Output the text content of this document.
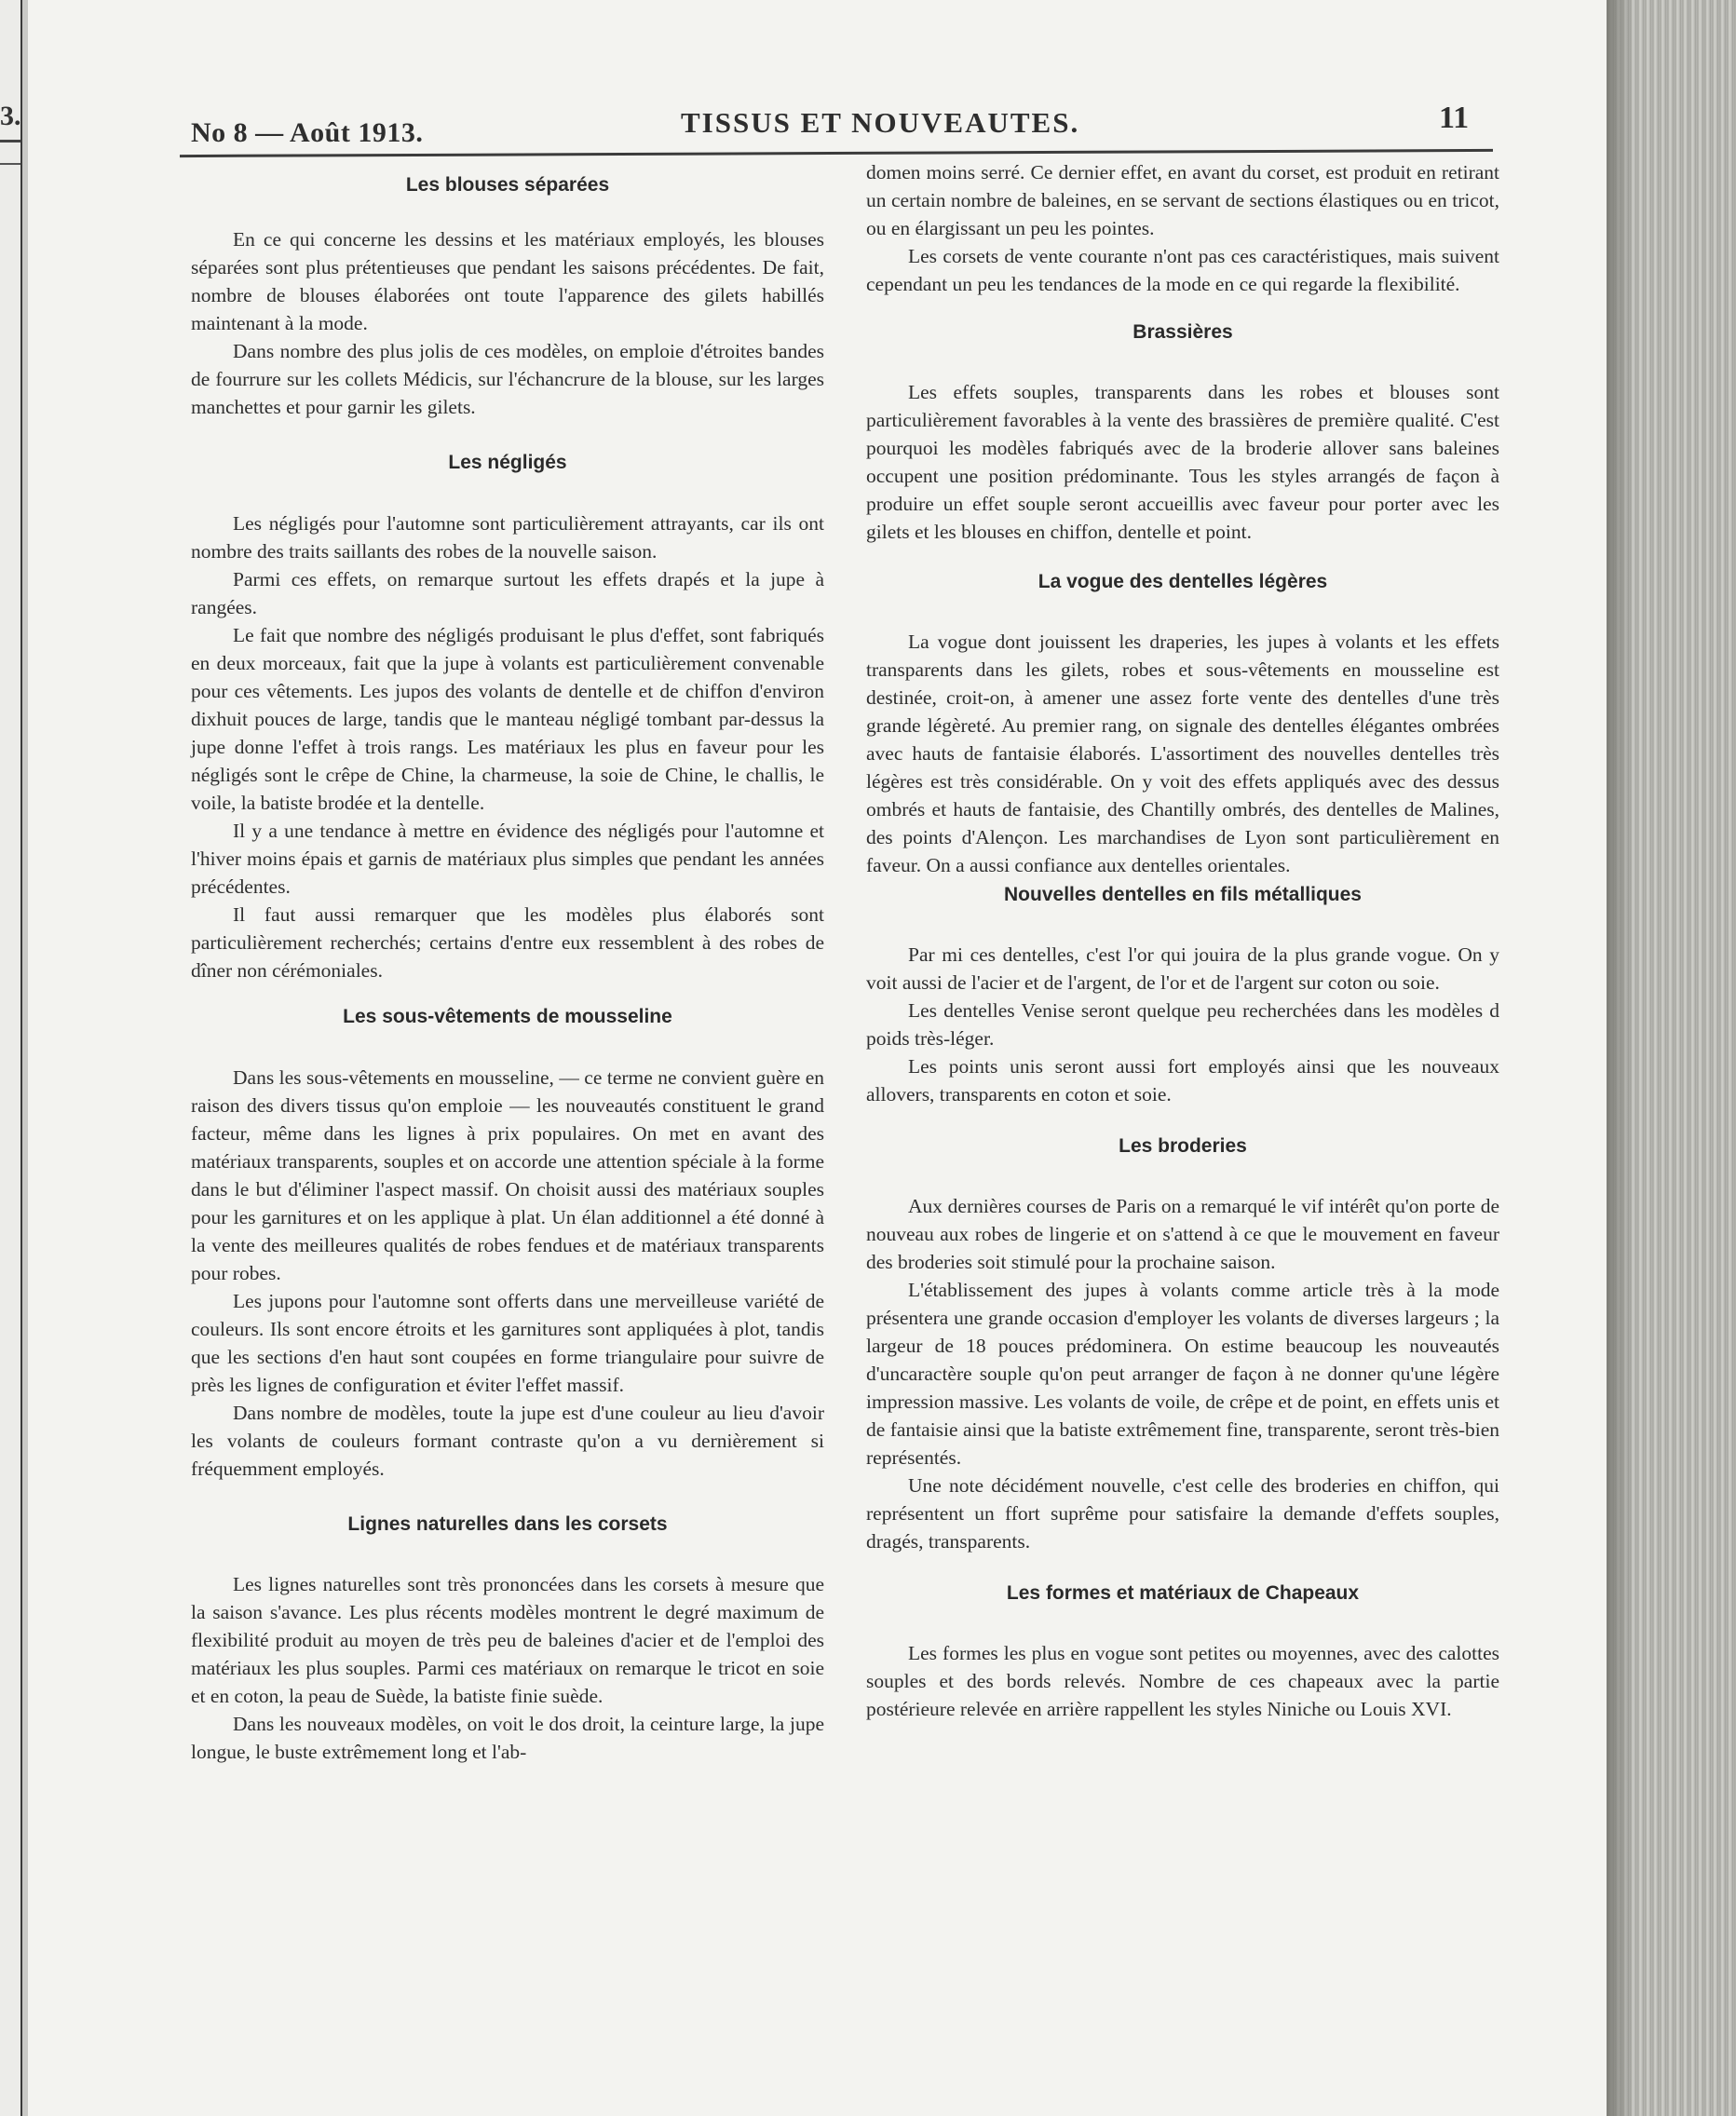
3.
No 8 — Août 1913.	TISSUS ET NOUVEAUTES.	11
Les blouses séparées

En ce qui concerne les dessins et les matériaux employés, les blouses séparées sont plus prétentieuses que pendant les saisons précédentes. De fait, nombre de blouses élaborées ont toute l'apparence des gilets habillés maintenant à la mode.

Dans nombre des plus jolis de ces modèles, on emploie d'étroites bandes de fourrure sur les collets Médicis, sur l'échancrure de la blouse, sur les larges manchettes et pour garnir les gilets.

Les négligés

Les négligés pour l'automne sont particulièrement attrayants, car ils ont nombre des traits saillants des robes de la nouvelle saison.

Parmi ces effets, on remarque surtout les effets drapés et la jupe à rangées.

Le fait que nombre des négligés produisant le plus d'effet, sont fabriqués en deux morceaux, fait que la jupe à volants est particulièrement convenable pour ces vêtements. Les jupos des volants de dentelle et de chiffon d'environ dixhuit pouces de large, tandis que le manteau négligé tombant par-dessus la jupe donne l'effet à trois rangs. Les matériaux les plus en faveur pour les négligés sont le crêpe de Chine, la charmeuse, la soie de Chine, le challis, le voile, la batiste brodée et la dentelle.

Il y a une tendance à mettre en évidence des négligés pour l'automne et l'hiver moins épais et garnis de matériaux plus simples que pendant les années précédentes.

Il faut aussi remarquer que les modèles plus élaborés sont particulièrement recherchés; certains d'entre eux ressemblent à des robes de dîner non cérémoniales.

Les sous-vêtements de mousseline

Dans les sous-vêtements en mousseline, — ce terme ne convient guère en raison des divers tissus qu'on emploie — les nouveautés constituent le grand facteur, même dans les lignes à prix populaires. On met en avant des matériaux transparents, souples et on accorde une attention spéciale à la forme dans le but d'éliminer l'aspect massif. On choisit aussi des matériaux souples pour les garnitures et on les applique à plat. Un élan additionnel a été donné à la vente des meilleures qualités de robes fendues et de matériaux transparents pour robes.

Les jupons pour l'automne sont offerts dans une merveilleuse variété de couleurs. Ils sont encore étroits et les garnitures sont appliquées à plot, tandis que les sections d'en haut sont coupées en forme triangulaire pour suivre de près les lignes de configuration et éviter l'effet massif.

Dans nombre de modèles, toute la jupe est d'une couleur au lieu d'avoir les volants de couleurs formant contraste qu'on a vu dernièrement si fréquemment employés.

Lignes naturelles dans les corsets

Les lignes naturelles sont très prononcées dans les corsets à mesure que la saison s'avance. Les plus récents modèles montrent le degré maximum de flexibilité produit au moyen de très peu de baleines d'acier et de l'emploi des matériaux les plus souples. Parmi ces matériaux on remarque le tricot en soie et en coton, la peau de Suède, la batiste finie suède.

Dans les nouveaux modèles, on voit le dos droit, la ceinture large, la jupe longue, le buste extrêmement long et l'ab-

domen moins serré. Ce dernier effet, en avant du corset, est produit en retirant un certain nombre de baleines, en se servant de sections élastiques ou en tricot, ou en élargissant un peu les pointes.

Les corsets de vente courante n'ont pas ces caractéristiques, mais suivent cependant un peu les tendances de la mode en ce qui regarde la flexibilité.

Brassières

Les effets souples, transparents dans les robes et blouses sont particulièrement favorables à la vente des brassières de première qualité. C'est pourquoi les modèles fabriqués avec de la broderie allover sans baleines occupent une position prédominante. Tous les styles arrangés de façon à produire un effet souple seront accueillis avec faveur pour porter avec les gilets et les blouses en chiffon, dentelle et point.

La vogue des dentelles légères

La vogue dont jouissent les draperies, les jupes à volants et les effets transparents dans les gilets, robes et sous-vêtements en mousseline est destinée, croit-on, à amener une assez forte vente des dentelles d'une très grande légèreté. Au premier rang, on signale des dentelles élégantes ombrées avec hauts de fantaisie élaborés. L'assortiment des nouvelles dentelles très légères est très considérable. On y voit des effets appliqués avec des dessus ombrés et hauts de fantaisie, des Chantilly ombrés, des dentelles de Malines, des points d'Alençon. Les marchandises de Lyon sont particulièrement en faveur. On a aussi confiance aux dentelles orientales.

Nouvelles dentelles en fils métalliques

Par mi ces dentelles, c'est l'or qui jouira de la plus grande vogue. On y voit aussi de l'acier et de l'argent, de l'or et de l'argent sur coton ou soie.

Les dentelles Venise seront quelque peu recherchées dans les modèles d poids très-léger.

Les points unis seront aussi fort employés ainsi que les nouveaux allovers, transparents en coton et soie.

Les broderies

Aux dernières courses de Paris on a remarqué le vif intérêt qu'on porte de nouveau aux robes de lingerie et on s'attend à ce que le mouvement en faveur des broderies soit stimulé pour la prochaine saison.

L'établissement des jupes à volants comme article très à la mode présentera une grande occasion d'employer les volants de diverses largeurs ; la largeur de 18 pouces prédominera. On estime beaucoup les nouveautés d'uncaractère souple qu'on peut arranger de façon à ne donner qu'une légère impression massive. Les volants de voile, de crêpe et de point, en effets unis et de fantaisie ainsi que la batiste extrêmement fine, transparente, seront très-bien représentés.

Une note décidément nouvelle, c'est celle des broderies en chiffon, qui représentent un ffort suprême pour satisfaire la demande d'effets souples, dragés, transparents.

Les formes et matériaux de Chapeaux

Les formes les plus en vogue sont petites ou moyennes, avec des calottes souples et des bords relevés. Nombre de ces chapeaux avec la partie postérieure relevée en arrière rappellent les styles Niniche ou Louis XVI.
